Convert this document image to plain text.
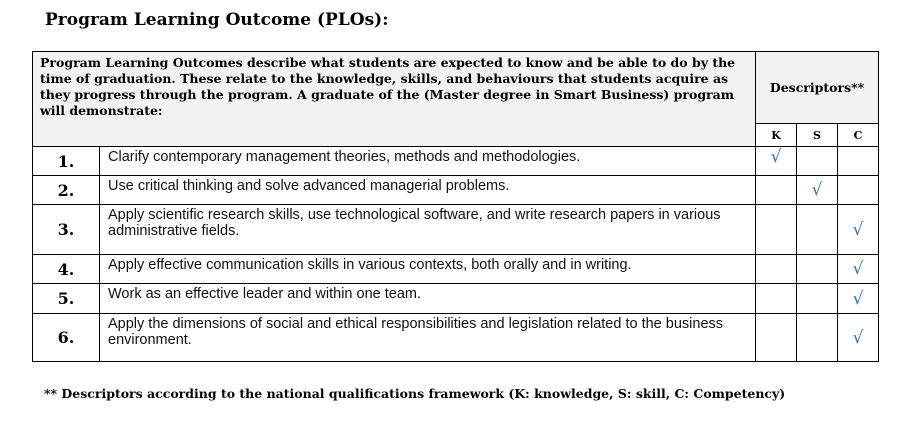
Program Learning Outcome (PLOs):
Program Learning Outcomes describe what students are expected to know and be able to do by the time of graduation. These relate to the knowledge, skills, and behaviours that students acquire as they progress through the program. A graduate of the (Master degree in Smart Business) program will demonstrate:		Descriptors**		
		K	S	C
1.	Clarify contemporary management theories, methods and methodologies.	√		
2.	Use critical thinking and solve advanced managerial problems.		√	
3.	Apply scientific research skills, use technological software, and write research papers in various administrative fields.			√
4.	Apply effective communication skills in various contexts, both orally and in writing.			√
5.	Work as an effective leader and within one team.			√
6.	Apply the dimensions of social and ethical responsibilities and legislation related to the business environment.			√
** Descriptors according to the national qualifications framework (K: knowledge, S: skill, C: Competency)
